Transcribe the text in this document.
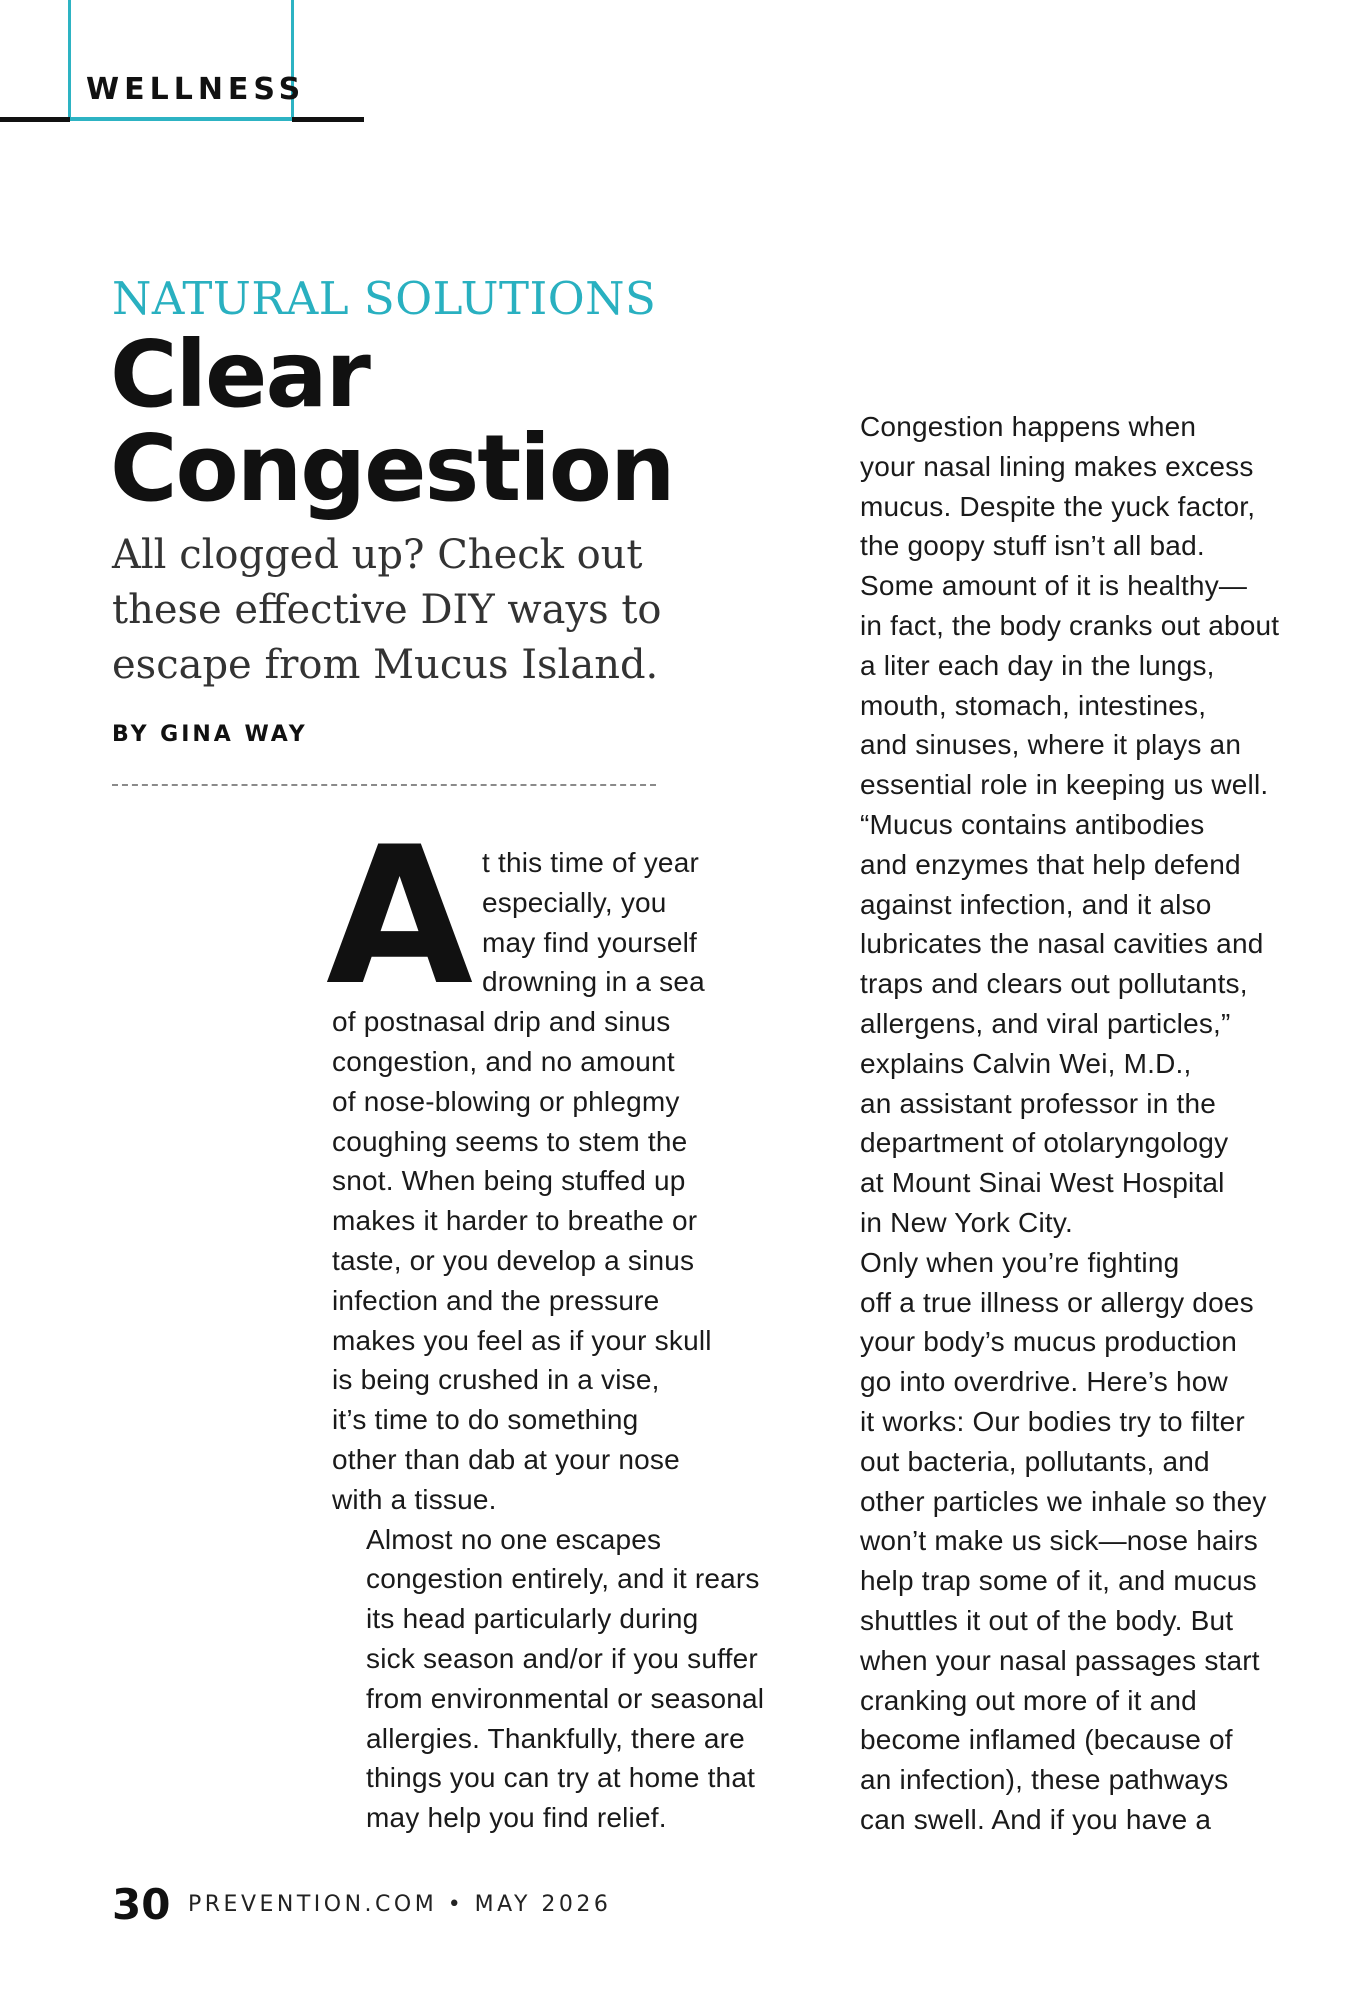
WELLNESS
NATURAL SOLUTIONS
Clear
Congestion
All clogged up? Check out
these effective DIY ways to
escape from Mucus Island.
BY GINA WAY
A t this time of year
especially, you
may find yourself
drowning in a sea
of postnasal drip and sinus
congestion, and no amount
of nose-blowing or phlegmy
coughing seems to stem the
snot. When being stuffed up
makes it harder to breathe or
taste, or you develop a sinus
infection and the pressure
makes you feel as if your skull
is being crushed in a vise,
it’s time to do something
other than dab at your nose
with a tissue.

Almost no one escapes
congestion entirely, and it rears
its head particularly during
sick season and/or if you suffer
from environmental or seasonal
allergies. Thankfully, there are
things you can try at home that
may help you find relief.

Congestion happens when
your nasal lining makes excess
mucus. Despite the yuck factor,
the goopy stuff isn’t all bad.
Some amount of it is healthy—
in fact, the body cranks out about
a liter each day in the lungs,
mouth, stomach, intestines,
and sinuses, where it plays an
essential role in keeping us well.

“Mucus contains antibodies
and enzymes that help defend
against infection, and it also
lubricates the nasal cavities and
traps and clears out pollutants,
allergens, and viral particles,”
explains Calvin Wei, M.D.,
an assistant professor in the
department of otolaryngology
at Mount Sinai West Hospital
in New York City.

Only when you’re fighting
off a true illness or allergy does
your body’s mucus production
go into overdrive. Here’s how
it works: Our bodies try to filter
out bacteria, pollutants, and
other particles we inhale so they
won’t make us sick—nose hairs
help trap some of it, and mucus
shuttles it out of the body. But
when your nasal passages start
cranking out more of it and
become inflamed (because of
an infection), these pathways
can swell. And if you have a

30 PREVENTION.COM • MAY 2026
